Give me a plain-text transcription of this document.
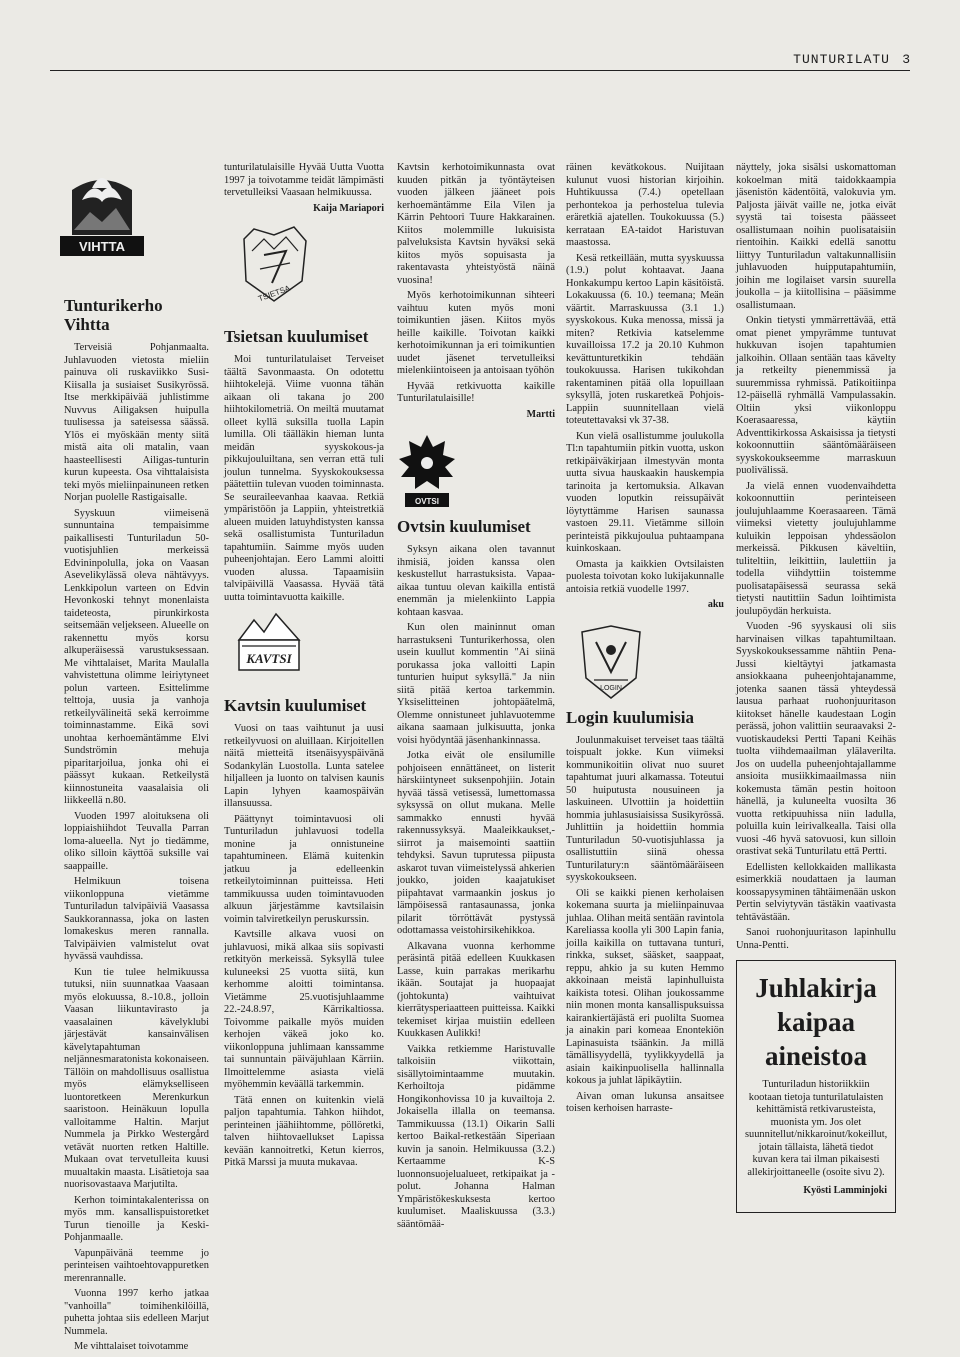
TUNTURILATU 3
VIHTTA
Tunturikerho Vihtta

Terveisiä Pohjanmaalta. Juhlavuoden vietosta mieliin painuva oli ruskaviikko Susi-Kiisalla ja susiaiset Susikyrössä. Itse merkkipäivää juhlistimme Nuvvus Ailigaksen huipulla tuulisessa ja sateisessa säässä. Ylös ei myöskään menty siitä mistä aita oli matalin, vaan haasteellisesti Ailigas-tunturin kurun kupeesta. Osa vihttalaisista teki myös mieliinpainuneen retken Norjan puolelle Rastigaisalle.

Syyskuun viimeisenä sunnuntaina tempaisimme paikallisesti Tunturiladun 50-vuotisjuhlien merkeissä Edvininpolulla, joka on Vaasan Asevelikylässä oleva nähtävyys. Lenkkipolun varteen on Edvin Hevonkoski tehnyt monenlaista taideteosta, pirunkirkosta seitsemään veljekseen. Alueelle on rakennettu myös korsu alkuperäisessä varustuksessaan. Me vihttalaiset, Marita Maulalla vahvistettuna olimme leiriytyneet polun varteen. Esittelimme telttoja, uusia ja vanhoja retkeilyvälineitä sekä kerroimme toiminnastamme. Eikä sovi unohtaa kerhoemäntämme Elvi Sundströmin mehuja piparitarjoilua, jonka ohi ei päässyt kukaan. Retkeilystä kiinnostuneita vaasalaisia oli liikkeellä n.80.

Vuoden 1997 aloituksena oli loppiaishiihdot Teuvalla Parran loma-alueella. Nyt jo tiedämme, oliko silloin käyttöä suksille vai saappaille.

Helmikuun toisena viikonloppuna vietämme Tunturiladun talvipäiviä Vaasassa Saukkorannassa, joka on lasten lomakeskus meren rannalla. Talvipäivien valmistelut ovat hyvässä vauhdissa.

Kun tie tulee helmikuussa tutuksi, niin suunnatkaa Vaasaan myös elokuussa, 8.-10.8., jolloin Vaasan liikuntavirasto ja vaasalainen kävelyklubi järjestävät kansainvälisen kävelytapahtuman neljännesmaratonista kokonaiseen. Tällöin on mahdollisuus osallistua myös elämykselliseen luontoretkeen Merenkurkun saaristoon. Heinäkuun lopulla valloitamme Haltin. Marjut Nummela ja Pirkko Westergård vetävät nuorten retken Haltille. Mukaan ovat tervetulleita kuusi muualtakin maasta. Lisätietoja saa nuorisovastaava Marjutilta.

Kerhon toimintakalenterissa on myös mm. kansallispuistoretket Turun tienoille ja Keski-Pohjanmaalle.

Vapunpäivänä teemme jo perinteisen vaihtoehtovappuretken merenrannalle.

Vuonna 1997 kerho jatkaa "vanhoilla" toimihenkilöillä, puhetta johtaa siis edelleen Marjut Nummela.

Me vihttalaiset toivotamme

tunturilatulaisille Hyvää Uutta Vuotta 1997 ja toivotamme teidät lämpimästi tervetulleiksi Vaasaan helmikuussa.

Kaija Mariapori
TSIETSA
Tsietsan kuulumiset

Moi tunturilatulaiset Terveiset täältä Savonmaasta. On odotettu hiihtokelejä. Viime vuonna tähän aikaan oli takana jo 200 hiihtokilometriä. On meiltä muutamat olleet kyllä suksilla tuolla Lapin lumilla. Oli täälläkin hieman lunta meidän syyskokous-ja pikkujouluiltana, sen verran että tuli joulun tunnelma. Syyskokouksessa päätettiin tulevan vuoden toiminnasta. Se seuraileevanhaa kaavaa. Retkiä ympäristöön ja Lappiin, yhteistretkiä alueen muiden latuyhdistysten kanssa sekä osallistumista Tunturiladun tapahtumiin. Saimme myös uuden puheenjohtajan. Eero Lammi aloitti vuoden alussa. Tapaamisiin talvipäivillä Vaasassa. Hyvää tätä uutta toimintavuotta kaikille.

KAVTSI
Kavtsin kuulumiset

Vuosi on taas vaihtunut ja uusi retkeilyvuosi on aluillaan. Kirjoitellen näitä mietteitä itsenäisyyspäivänä Sodankylän Luostolla. Lunta satelee hiljalleen ja luonto on talvisen kaunis Lapin lyhyen kaamospäivän illansuussa.

Päättynyt toimintavuosi oli Tunturiladun juhlavuosi todella monine ja onnistuneine tapahtumineen. Elämä kuitenkin jatkuu ja edelleenkin retkeilytoiminnan puitteissa. Heti tammikuussa uuden toimintavuoden alkuun järjestämme kavtsilaisin voimin talviretkeilyn peruskurssin.

Kavtsille alkava vuosi on juhlavuosi, mikä alkaa siis sopivasti retkityön merkeissä. Syksyllä tulee kuluneeksi 25 vuotta siitä, kun kerhomme aloitti toimintansa. Vietämme 25.vuotisjuhlaamme 22.-24.8.97, Kärrikaltiossa. Toivomme paikalle myös muiden kerhojen väkeä joko ko. viikonloppuna juhlimaan kanssamme tai sunnuntain päiväjuhlaan Kärriin. Ilmoittelemme asiasta vielä myöhemmin keväällä tarkemmin.

Tätä ennen on kuitenkin vielä paljon tapahtumia. Tahkon hiihdot, perinteinen jäähiihtomme, pöllöretki, talven hiihtovaellukset Lapissa kevään kannoitretki, Ketun kierros, Pitkä Marssi ja muuta mukavaa.

Kavtsin kerhotoimikunnasta ovat kuuden pitkän ja työntäyteisen vuoden jälkeen jääneet pois kerhoemäntämme Eila Vilen ja Kärrin Pehtoori Tuure Hakkarainen. Kiitos molemmille lukuisista palveluksista Kavtsin hyväksi sekä kiitos myös sopuisasta ja rakentavasta yhteistyöstä näinä vuosina!

Myös kerhotoimikunnan sihteeri vaihtuu kuten myös moni toimikuntien jäsen. Kiitos myös heille kaikille. Toivotan kaikki kerhotoimikunnan ja eri toimikuntien uudet jäsenet tervetulleiksi mielenkiintoiseen ja antoisaan työhön

Hyvää retkivuotta kaikille Tunturilatulaisille!

Martti
OVTSI
Ovtsin kuulumiset

Syksyn aikana olen tavannut ihmisiä, joiden kanssa olen keskustellut harrastuksista. Vapaa-aikaa tuntuu olevan kaikilla entistä enemmän ja mielenkiinto Lappia kohtaan kasvaa.

Kun olen maininnut oman harrastukseni Tunturikerhossa, olen usein kuullut kommentin "Ai siinä porukassa joka valloitti Lapin tunturien huiput syksyllä." Ja niin siitä pitää kertoa tarkemmin. Yksiselitteinen johtopäätelmä, Olemme onnistuneet juhlavuotemme aikana saamaan julkisuutta, jonka voisi hyödyntää jäsenhankinnassa.

Jotka eivät ole ensilumille pohjoiseen ennättäneet, on listerit härskiintyneet suksenpohjiin. Jotain hyvää tässä vetisessä, lumettomassa syksyssä on ollut mukana. Melle sammakko ennusti hyvää rakennussyksyä. Maaleikkaukset,-siirrot ja maisemointi saattiin tehdyksi. Savun tuprutessa piipusta askarot tuvan viimeistelyssä ahkerien joukko, joiden kaajatukiset piipahtavat varmaankin joskus jo lämpöisessä rantasaunassa, jonka pilarit törröttävät pystyssä odottamassa veistohirsikehikkoa.

Alkavana vuonna kerhomme peräsintä pitää edelleen Kuukkasen Lasse, kuin parrakas merikarhu ikään. Soutajat ja huopaajat (johtokunta) vaihtuivat kierrätysperiaatteen puitteissa. Kaikki tekemiset kirjaa muistiin edelleen Kuukkasen Aulikki!

Vaikka retkiemme Haristuvalle talkoisiin viikottain, sisällytoimintaamme muutakin. Kerhoiltoja pidämme Hongikonhovissa 10 ja kuvailtoja 2. Jokaisella illalla on teemansa. Tammikuussa (13.1) Oikarin Salli kertoo Baikal-retkestään Siperiaan kuvin ja sanoin. Helmikuussa (3.2.) Kertaamme K-S luonnonsuojelualueet, retkipaikat ja -polut. Johanna Halman Ympäristökeskuksesta kertoo kuulumiset. Maaliskuussa (3.3.) sääntömää-

räinen kevätkokous. Nuijitaan kulunut vuosi historian kirjoihin. Huhtikuussa (7.4.) opetellaan perhontekoa ja perhostelua tulevia eräretkiä ajatellen. Toukokuussa (5.) kerrataan EA-taidot Haristuvan maastossa.

Kesä retkeillään, mutta syyskuussa (1.9.) polut kohtaavat. Jaana Honkakumpu kertoo Lapin käsitöistä. Lokakuussa (6. 10.) teemana; Meän väärtit. Marraskuussa (3.1 1.) syyskokous. Kuka menossa, missä ja miten? Retkivia katselemme kuvailloissa 17.2 ja 20.10 Kuhmon kevättunturetkikin tehdään toukokuussa. Harisen tukikohdan rakentaminen pitää olla lopuillaan syksyllä, joten ruskaretkeä Pohjois-Lappiin suunnitellaan vielä toteutettavaksi vk 37-38.

Kun vielä osallistumme joulukolla Tl:n tapahtumiin pitkin vuotta, uskon retkipäiväkirjaan ilmestyvän monta uutta sivua hauskaakin hauskempia tarinoita ja kertomuksia. Alkavan vuoden loputkin reissupäivät löytyttämme Harisen saunassa vastoen 29.11. Vietämme silloin perinteistä pikkujoulua puhtaampana kuinkoskaan.

Omasta ja kaikkien Ovtsilaisten puolesta toivotan koko lukijakunnalle antoisia retkiä vuodelle 1997.

aku
LOGIN
Login kuulumisia

Joulunmakuiset terveiset taas täältä toispualt jokke. Kun viimeksi kommunikoitiin olivat nuo suuret tapahtumat juuri alkamassa. Toteutui 50 huiputusta nousuineen ja laskuineen. Ulvottiin ja hoidettiin hommia juhlasusiaisissa Susikyrössä. Juhlittiin ja hoidettiin hommia Tunturiladun 50-vuotisjuhlassa ja osallistuttiin siinä ohessa Tunturilatury:n sääntömääräiseen syyskokoukseen.

Oli se kaikki pienen kerholaisen kokemana suurta ja mieliinpainuvaa juhlaa. Olihan meitä sentään ravintola Kareliassa koolla yli 300 Lapin fania, joilla kaikilla on tuttavana tunturi, rinkka, sukset, sääsket, saappaat, reppu, ahkio ja su kuten Hemmo akkoinaan meistä lapinhulluista kaikista totesi. Olihan joukossamme niin monen monta kansallispuksuissa kairankiertäjästä eri puolilta Suomea ja ainakin pari komeaa Enontekiön Lapinasuista tsäänkin. Ja millä tämällisyydellä, tyylikkyydellä ja asiain kaikinpuolisella hallinnalla kokous ja juhlat läpikäytiin.

Aivan oman lukunsa ansaitsee toisen kerhoisen harraste-

näyttely, joka sisälsi uskomattoman kokoelman mitä taidokkaampia jäsenistön kädentöitä, valokuvia ym. Paljosta jäivät vaille ne, jotka eivät syystä tai toisesta päässeet osallistumaan noihin puolisataisiin rientoihin. Kaikki edellä sanottu liittyy Tunturiladun valtakunnallisiin juhlavuoden huipputapahtumiin, joihin me logilaiset varsin suurella joukolla – ja kiitollisina – pääsimme osallistumaan.

Onkin tietysti ymmärrettävää, että omat pienet ympyrämme tuntuvat hukkuvan isojen tapahtumien jalkoihin. Ollaan sentään taas kävelty ja retkeilty pienemmissä ja suuremmissa ryhmissä. Patikoitiinpa 12-päisellä ryhmällä Vampulassakin. Oltiin yksi viikonloppu Koerasaaressa, käytiin Adventtikirkossa Askaisissa ja tietysti kokoonnuttiin sääntömääräiseen syyskokoukseemme marraskuun puolivälissä.

Ja vielä ennen vuodenvaihdetta kokoonnuttiin perinteiseen joulujuhlaamme Koerasaareen. Tämä viimeksi vietetty joulujuhlamme kuluikin leppoisan yhdessäolon merkeissä. Pikkusen käveltiin, tuliteltiin, leikittiin, laulettiin ja todella viihdyttiin toistemme puolisatapäisessä seurassa sekä tietysti nautittiin Sadun loihtimista joulupöydän herkuista.

Vuoden -96 syyskausi oli siis harvinaisen vilkas tapahtumiltaan. Syyskokouksessamme nähtiin Pena-Jussi kieltäytyi jatkamasta ansiokkaana puheenjohtajanamme, jotenka saanen tässä yhteydessä lausua parhaat ruohonjuuritason kiitokset hänelle kaudestaan Login perässä, johon valittiin seuraavaksi 2-vuotiskaudeksi Pertti Tapani Keihäs tuolta viihdemaailman ylälaverilta. Jos on uudella puheenjohtajallamme ansioita musiikkimaailmassa niin kokemusta tämän pestin hoitoon hänellä, ja kuluneelta vuosilta 36 vuotta retkipuuhissa niin ladulla, poluilla kuin leirivalkealla. Taisi olla vuosi -46 hyvä satovuosi, kun silloin orastivat sekä Tunturilatu että Pertti.

Edellisten kellokkaiden mallikasta esimerkkiä noudattaen ja lauman koossapysyminen tähtäimenään uskon Pertin selviytyvän tästäkin vaativasta tehtävästään.

Sanoi ruohonjuuritason lapinhullu Unna-Pentti.

Juhlakirja kaipaa aineistoa

Tunturiladun historiikkiin kootaan tietoja tunturilatulaisten kehittämistä retkivarusteista, muonista ym. Jos olet suunnitellut/nikkaroinut/kokeillut, jotain tällaista, lähetä tiedot kuvan kera tai ilman pikaisesti allekirjoittaneelle (osoite sivu 2).

Kyösti Lamminjoki
